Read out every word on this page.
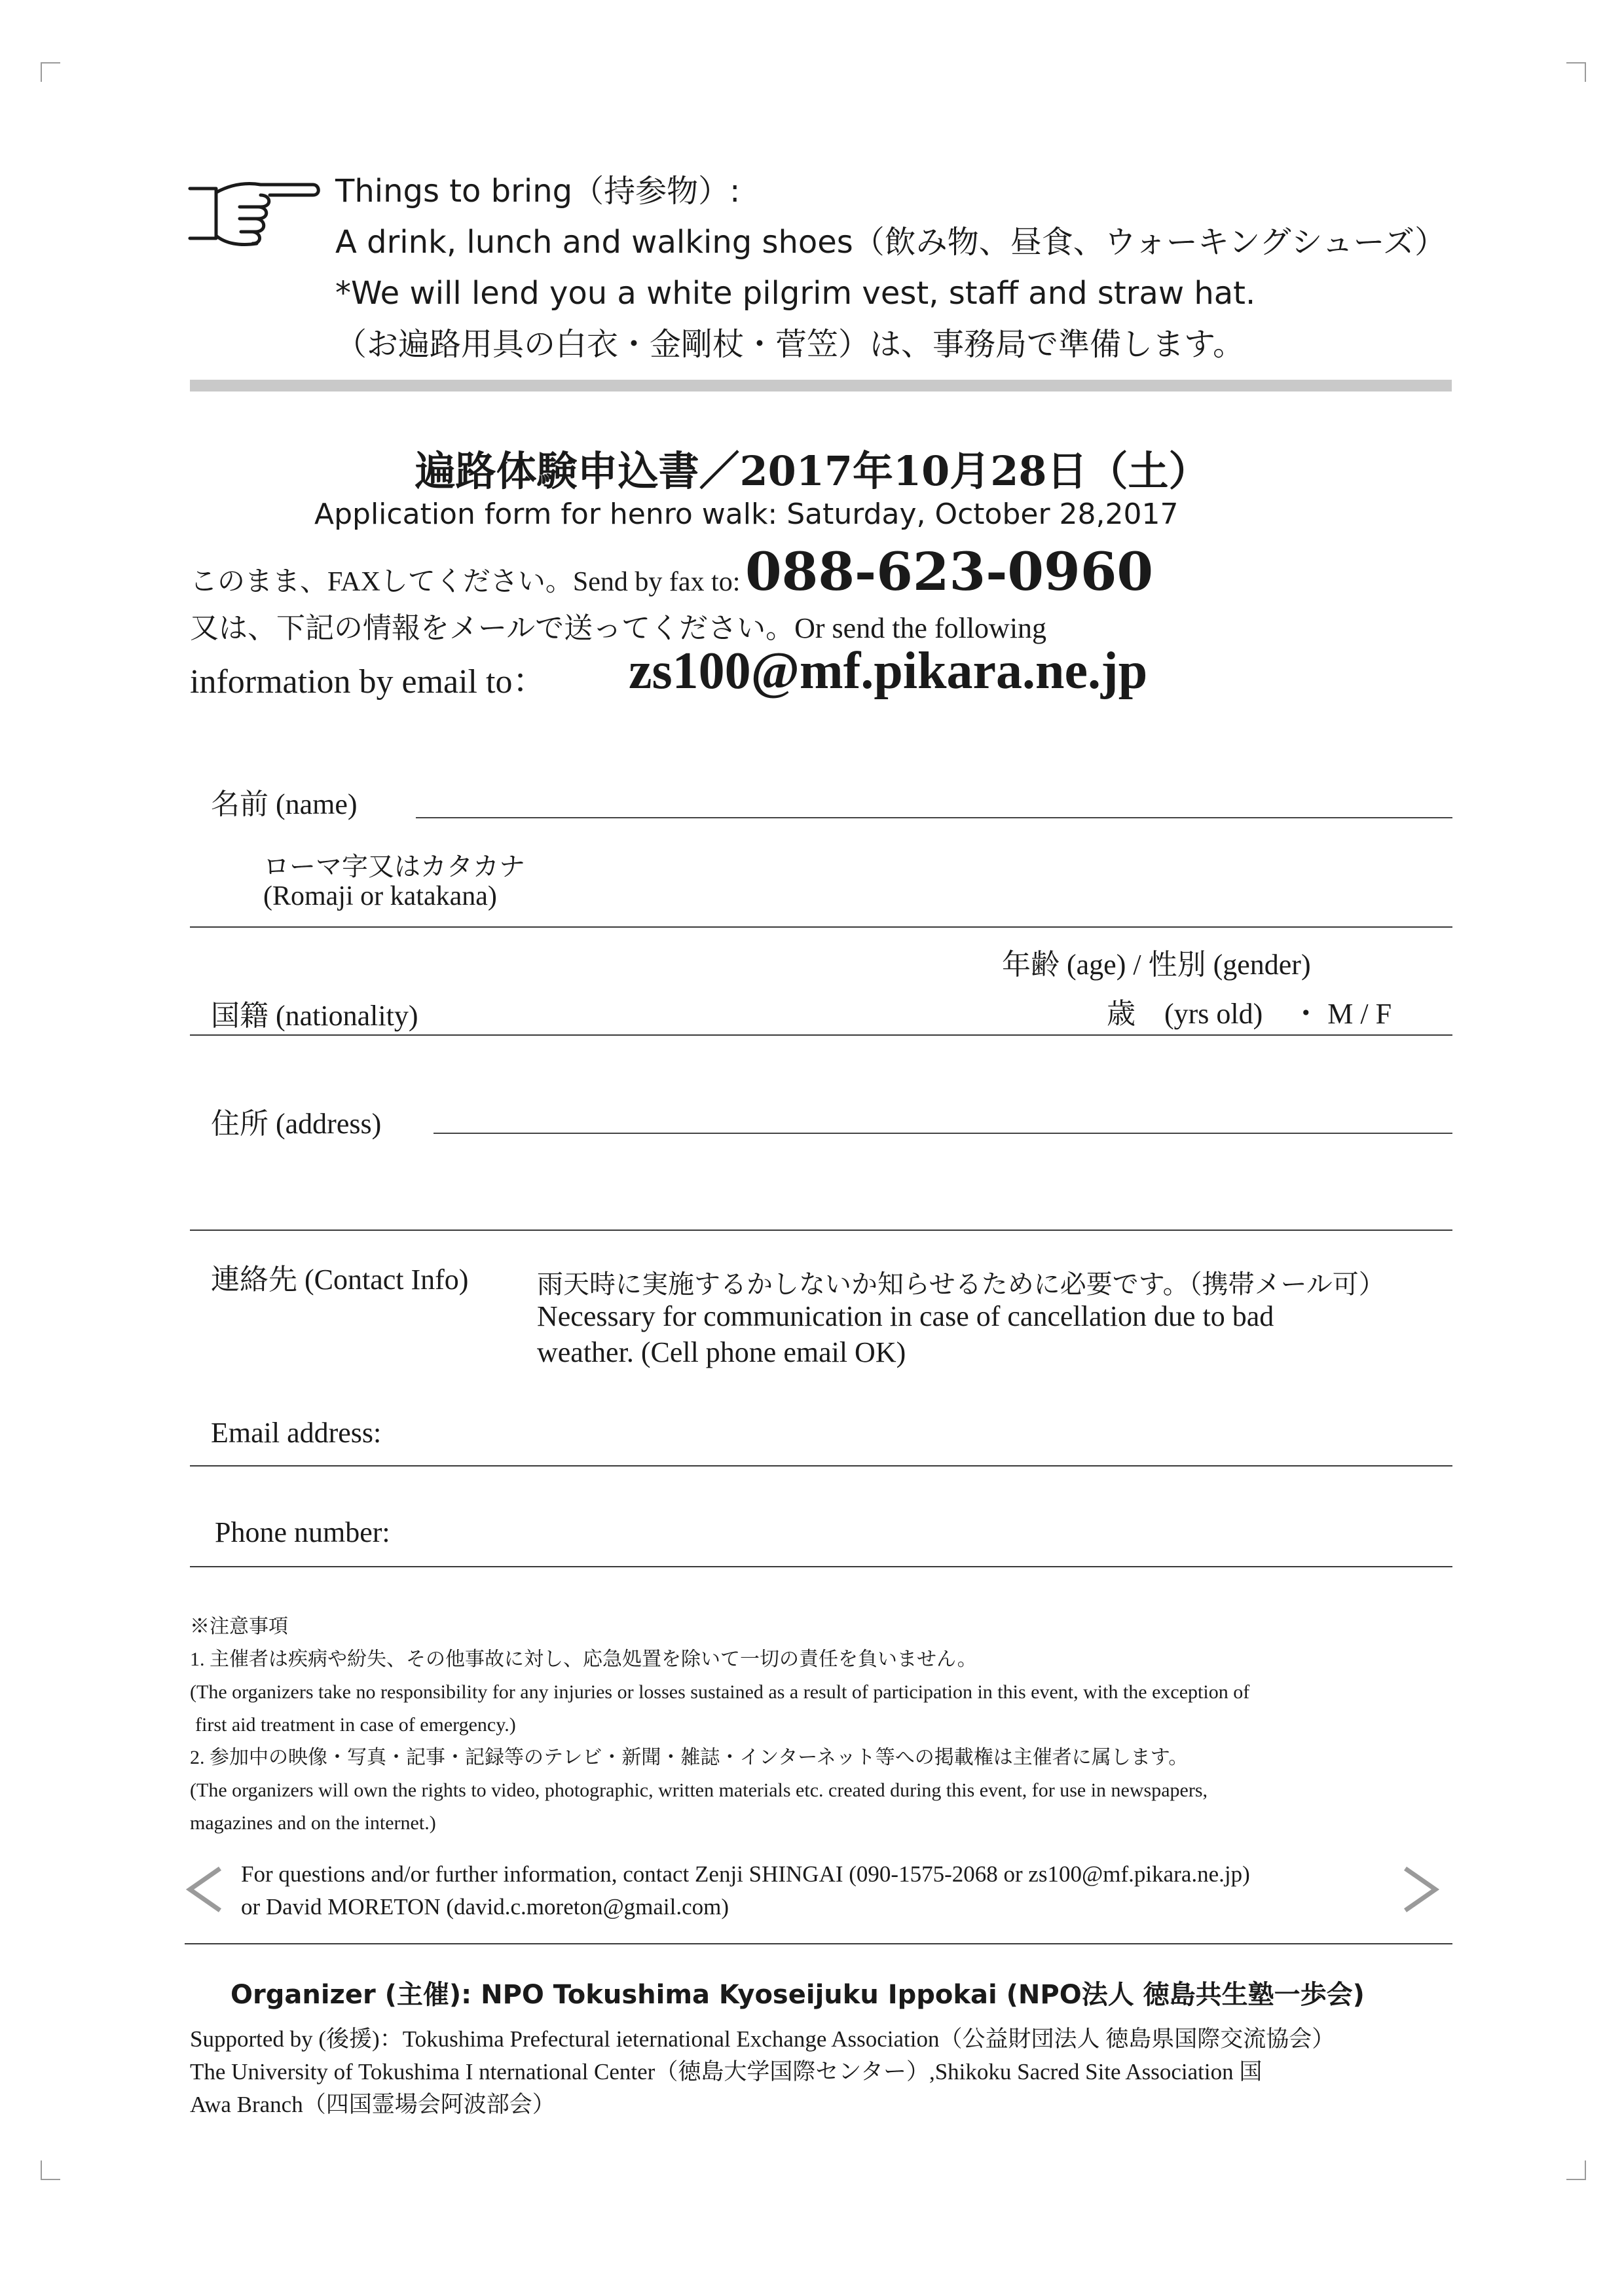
Things to bring（持参物）:
A drink, lunch and walking shoes（飲み物、昼食、ウォーキングシューズ）
*We will lend you a white pilgrim vest, staff and straw hat.
（お遍路用具の白衣・金剛杖・菅笠）は、事務局で準備します。
遍路体験申込書／2017年10月28日（土）
Application form for henro walk: Saturday, October 28,2017
このまま、FAXしてください。Send by fax to: 088-623-0960
又は、下記の情報をメールで送ってください。Or send the following
information by email to： zs100@mf.pikara.ne.jp
名前 (name)
ローマ字又はカタカナ
(Romaji or katakana)
年齢 (age) / 性別 (gender)
国籍 (nationality)	歳　(yrs old)　・ M / F
住所 (address)
連絡先 (Contact Info)	雨天時に実施するかしないか知らせるために必要です。（携帯メール可）
Necessary for communication in case of cancellation due to bad
weather. (Cell phone email OK)
Email address:
Phone number:
※注意事項
1. 主催者は疾病や紛失、その他事故に対し、応急処置を除いて一切の責任を負いません。
(The organizers take no responsibility for any injuries or losses sustained as a result of participation in this event, with the exception of
first aid treatment in case of emergency.)
2. 参加中の映像・写真・記事・記録等のテレビ・新聞・雑誌・インターネット等への掲載権は主催者に属します。
(The organizers will own the rights to video, photographic, written materials etc. created during this event, for use in newspapers,
magazines and on the internet.)
For questions and/or further information, contact Zenji SHINGAI (090-1575-2068 or zs100@mf.pikara.ne.jp)
or David MORETON (david.c.moreton@gmail.com)
Organizer (主催): NPO Tokushima Kyoseijuku Ippokai (NPO法人 徳島共生塾一歩会)
Supported by (後援)：Tokushima Prefectural ieternational Exchange Association（公益財団法人 徳島県国際交流協会）
The University of Tokushima I nternational Center（徳島大学国際センター）,Shikoku Sacred Site Association 国
Awa Branch（四国霊場会阿波部会）
